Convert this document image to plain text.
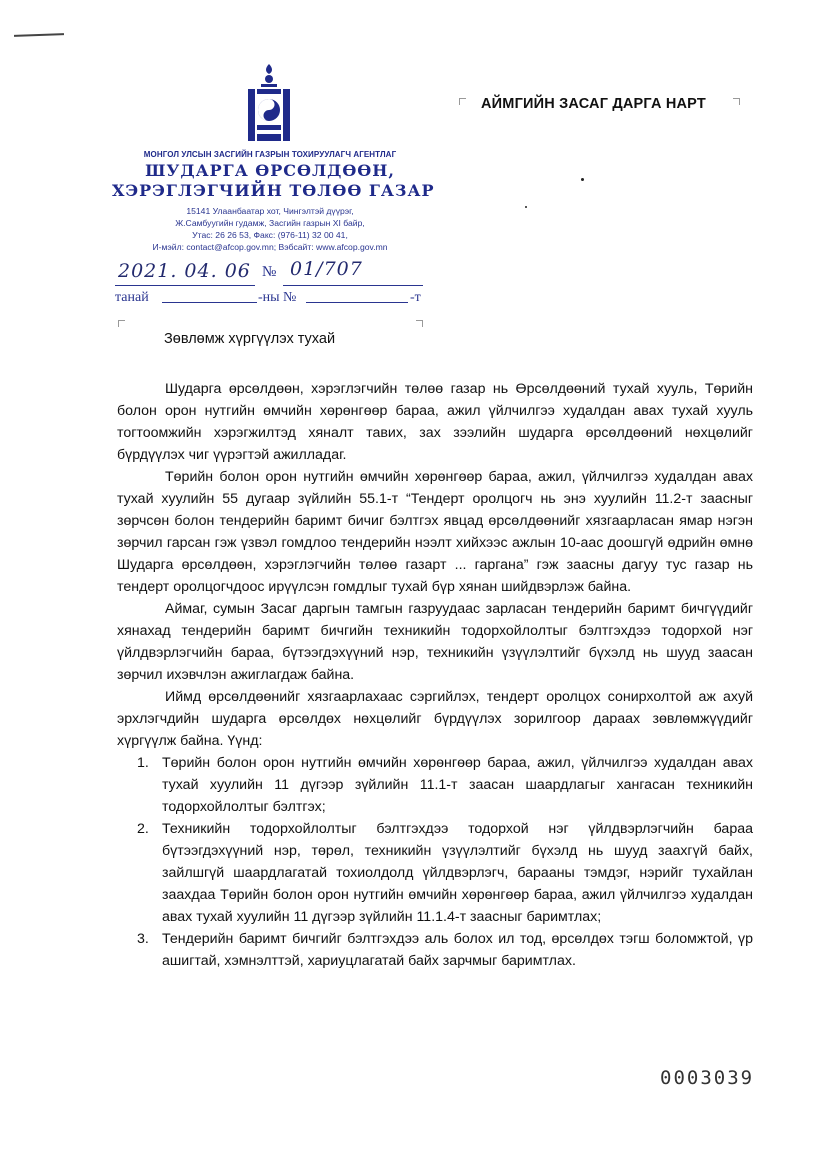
МОНГОЛ УЛСЫН ЗАСГИЙН ГАЗРЫН ТОХИРУУЛАГЧ АГЕНТЛАГ
ШУДАРГА ӨРСӨЛДӨӨН,
ХЭРЭГЛЭГЧИЙН ТӨЛӨӨ ГАЗАР
15141 Улаанбаатар хот, Чингэлтэй дүүрэг,
Ж.Самбуугийн гудамж, Засгийн газрын XI байр,
Утас: 26 26 53, Факс: (976-11) 32 00 41,
И-мэйл: contact@afcop.gov.mn; Вэбсайт: www.afcop.gov.mn
2021. 04. 06 № 01/707
танай	-ны №	-т
АЙМГИЙН ЗАСАГ ДАРГА НАРТ
Зөвлөмж хүргүүлэх тухай

Шударга өрсөлдөөн, хэрэглэгчийн төлөө газар нь Өрсөлдөөний тухай хууль, Төрийн болон орон нутгийн өмчийн хөрөнгөөр бараа, ажил үйлчилгээ худалдан авах тухай хууль тогтоомжийн хэрэгжилтэд хяналт тавих, зах зээлийн шударга өрсөлдөөний нөхцөлийг бүрдүүлэх чиг үүрэгтэй ажилладаг.

Төрийн болон орон нутгийн өмчийн хөрөнгөөр бараа, ажил, үйлчилгээ худалдан авах тухай хуулийн 55 дугаар зүйлийн 55.1-т “Тендерт оролцогч нь энэ хуулийн 11.2-т заасныг зөрчсөн болон тендерийн баримт бичиг бэлтгэх явцад өрсөлдөөнийг хязгаарласан ямар нэгэн зөрчил гарсан гэж үзвэл гомдлоо тендерийн нээлт хийхээс ажлын 10-аас доошгүй өдрийн өмнө Шударга өрсөлдөөн, хэрэглэгчийн төлөө газарт ... гаргана” гэж заасны дагуу тус газар нь тендерт оролцогчдоос ирүүлсэн гомдлыг тухай бүр хянан шийдвэрлэж байна.

Аймаг, сумын Засаг даргын тамгын газруудаас зарласан тендерийн баримт бичгүүдийг хянахад тендерийн баримт бичгийн техникийн тодорхойлолтыг бэлтгэхдээ тодорхой нэг үйлдвэрлэгчийн бараа, бүтээгдэхүүний нэр, техникийн үзүүлэлтийг бүхэлд нь шууд заасан зөрчил ихэвчлэн ажиглагдаж байна.

Иймд өрсөлдөөнийг хязгаарлахаас сэргийлэх, тендерт оролцох сонирхолтой аж ахуй эрхлэгчдийн шударга өрсөлдөх нөхцөлийг бүрдүүлэх зорилгоор дараах зөвлөмжүүдийг хүргүүлж байна. Үүнд:

1. Төрийн болон орон нутгийн өмчийн хөрөнгөөр бараа, ажил, үйлчилгээ худалдан авах тухай хуулийн 11 дүгээр зүйлийн 11.1-т заасан шаардлагыг хангасан техникийн тодорхойлолтыг бэлтгэх;
2. Техникийн тодорхойлолтыг бэлтгэхдээ тодорхой нэг үйлдвэрлэгчийн бараа бүтээгдэхүүний нэр, төрөл, техникийн үзүүлэлтийг бүхэлд нь шууд заахгүй байх, зайлшгүй шаардлагатай тохиолдолд үйлдвэрлэгч, барааны тэмдэг, нэрийг тухайлан заахдаа Төрийн болон орон нутгийн өмчийн хөрөнгөөр бараа, ажил үйлчилгээ худалдан авах тухай хуулийн 11 дүгээр зүйлийн 11.1.4-т заасныг баримтлах;
3. Тендерийн баримт бичгийг бэлтгэхдээ аль болох ил тод, өрсөлдөх тэгш боломжтой, үр ашигтай, хэмнэлттэй, хариуцлагатай байх зарчмыг баримтлах.
0003039
